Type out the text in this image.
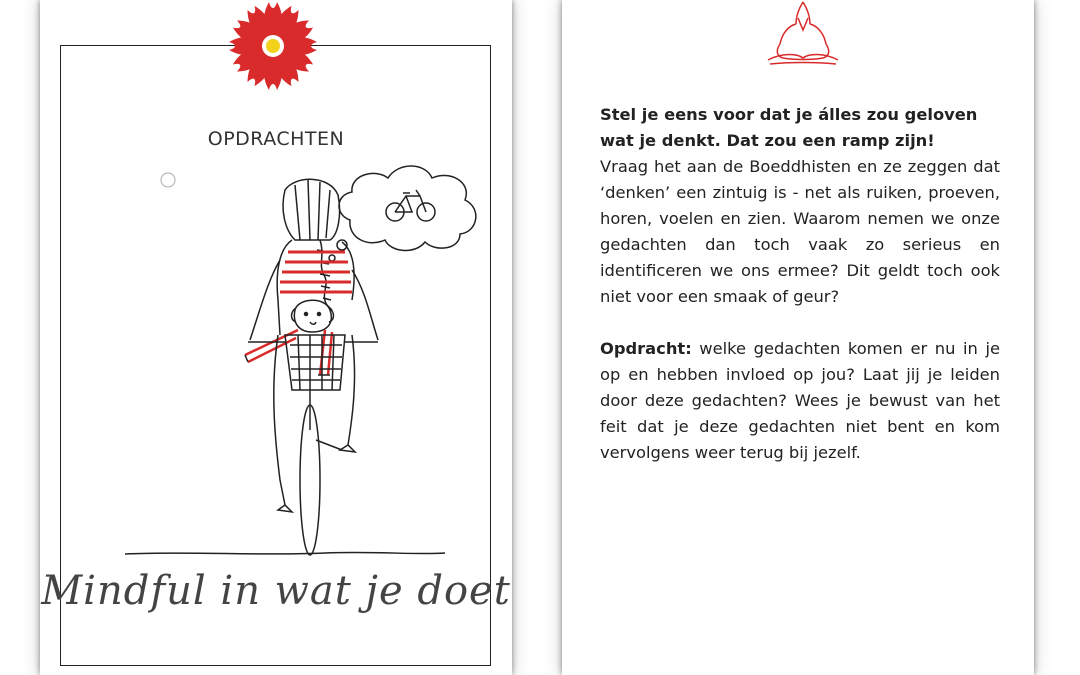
OPDRACHTEN
Mindful in wat je doet

Stel je eens voor dat je álles zou geloven wat je denkt. Dat zou een ramp zijn!

Vraag het aan de Boeddhisten en ze zeggen dat ‘denken’ een zintuig is - net als ruiken, proeven, horen, voelen en zien. Waarom nemen we onze gedachten dan toch vaak zo serieus en identificeren we ons ermee? Dit geldt toch ook niet voor een smaak of geur?

Opdracht: welke gedachten komen er nu in je op en hebben invloed op jou? Laat jij je leiden door deze gedachten? Wees je bewust van het feit dat je deze gedachten niet bent en kom vervolgens weer terug bij jezelf.
